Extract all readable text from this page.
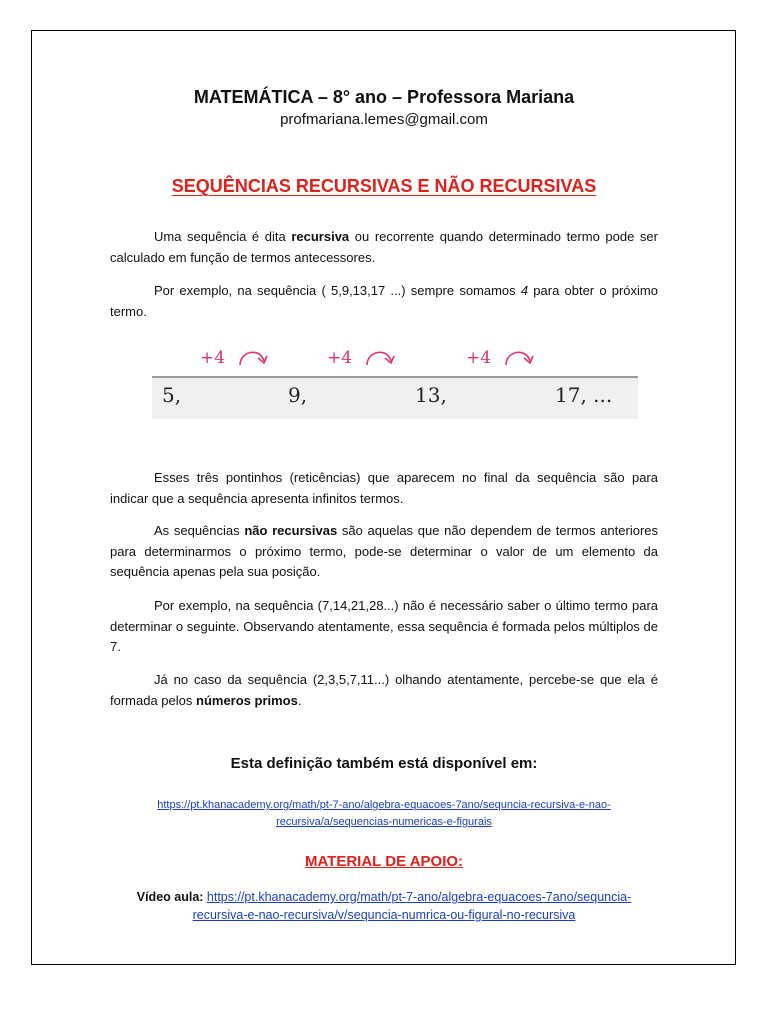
MATEMÁTICA – 8° ano – Professora Mariana
profmariana.lemes@gmail.com
SEQUÊNCIAS RECURSIVAS E NÃO RECURSIVAS

Uma sequência é dita recursiva ou recorrente quando determinado termo pode ser calculado em função de termos antecessores.

Por exemplo, na sequência ( 5,9,13,17 ...) sempre somamos 4 para obter o próximo termo.

+4	+4	+4
5,	9,	13,	17, ...

Esses três pontinhos (reticências) que aparecem no final da sequência são para indicar que a sequência apresenta infinitos termos.

As sequências não recursivas são aquelas que não dependem de termos anteriores para determinarmos o próximo termo, pode-se determinar o valor de um elemento da sequência apenas pela sua posição.

Por exemplo, na sequência (7,14,21,28...) não é necessário saber o último termo para determinar o seguinte. Observando atentamente, essa sequência é formada pelos múltiplos de 7.

Já no caso da sequência (2,3,5,7,11...) olhando atentamente, percebe-se que ela é formada pelos números primos.

Esta definição também está disponível em:
https://pt.khanacademy.org/math/pt-7-ano/algebra-equacoes-7ano/sequncia-recursiva-e-nao-
recursiva/a/sequencias-numericas-e-figurais
MATERIAL DE APOIO:
Vídeo aula: https://pt.khanacademy.org/math/pt-7-ano/algebra-equacoes-7ano/sequncia-
recursiva-e-nao-recursiva/v/sequncia-numrica-ou-figural-no-recursiva
